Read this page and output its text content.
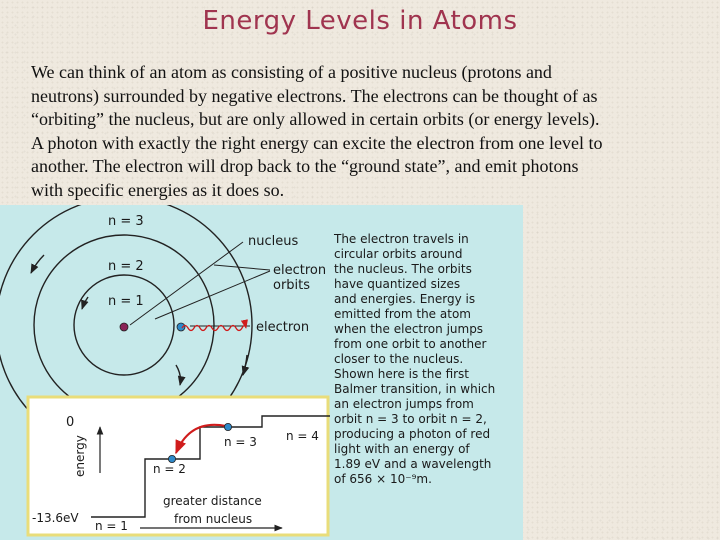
Energy Levels in Atoms
We can think of an atom as consisting of a positive nucleus (protons and
neutrons) surrounded by negative electrons. The electrons can be thought of as
“orbiting” the nucleus, but are only allowed in certain orbits (or energy levels).
A photon with exactly the right energy can excite the electron from one level to
another. The electron will drop back to the “ground state”, and emit photons
with specific energies as it does so.
n = 3
n = 2
n = 1
nucleus
electron
orbits
electron
The electron travels in
circular orbits around
the nucleus. The orbits
have quantized sizes
and energies. Energy is
emitted from the atom
when the electron jumps
from one orbit to another
closer to the nucleus.
Shown here is the first
Balmer transition, in which
an electron jumps from
orbit n = 3 to orbit n = 2,
producing a photon of red
light with an energy of
1.89 eV and a wavelength
of 656 × 10⁻⁹m.
0
energy	n = 3 n = 4
n = 2
n = 1
-13.6eV
greater distance
from nucleus
